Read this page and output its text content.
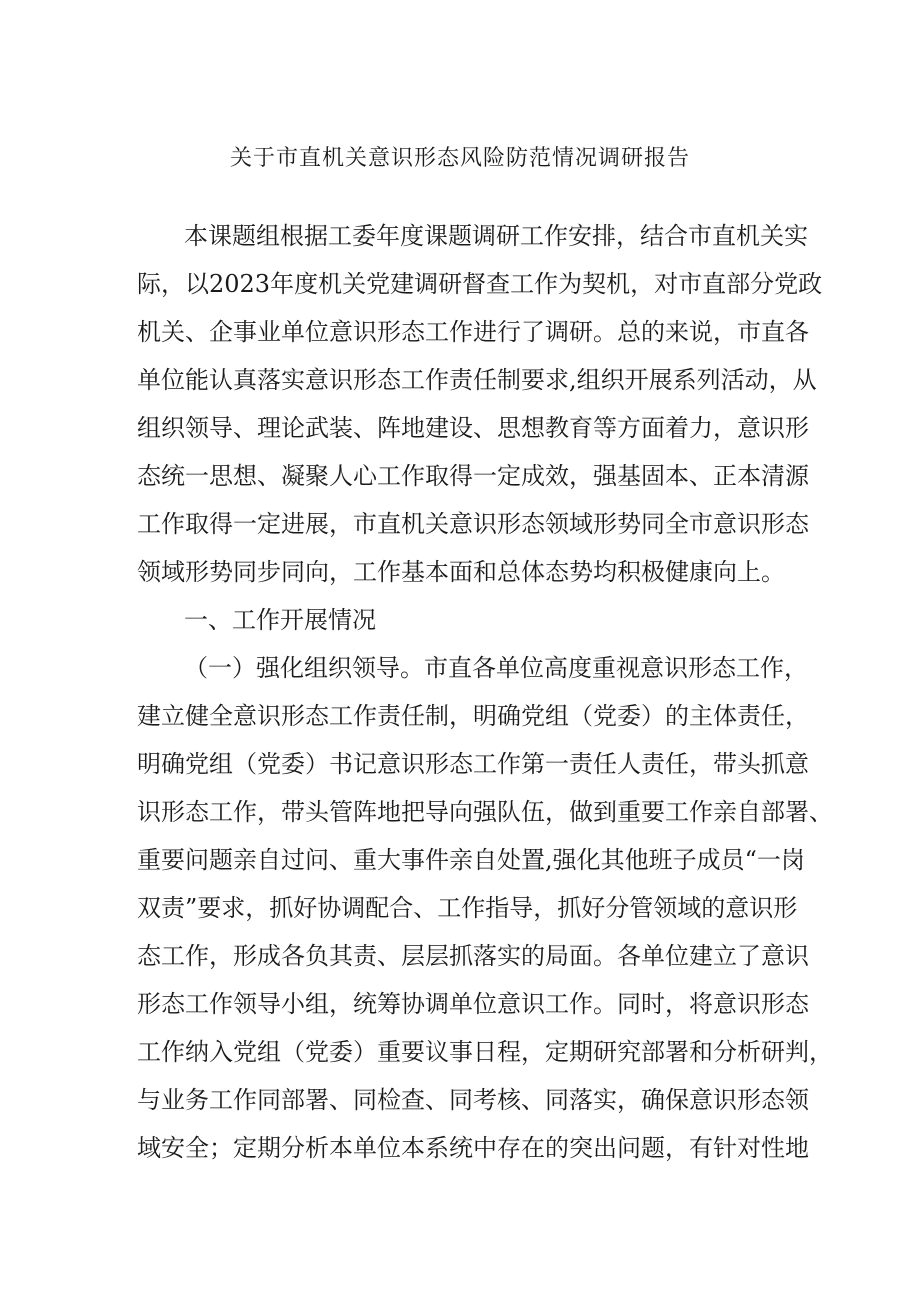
关于市直机关意识形态风险防范情况调研报告
本课题组根据工委年度课题调研工作安排，结合市直机关实
际，以2023年度机关党建调研督查工作为契机，对市直部分党政
机关、企事业单位意识形态工作进行了调研。总的来说，市直各
单位能认真落实意识形态工作责任制要求,组织开展系列活动，从
组织领导、理论武装、阵地建设、思想教育等方面着力，意识形
态统一思想、凝聚人心工作取得一定成效，强基固本、正本清源
工作取得一定进展，市直机关意识形态领域形势同全市意识形态
领域形势同步同向，工作基本面和总体态势均积极健康向上。
一、工作开展情况
（一）强化组织领导。市直各单位高度重视意识形态工作，
建立健全意识形态工作责任制，明确党组（党委）的主体责任，
明确党组（党委）书记意识形态工作第一责任人责任，带头抓意
识形态工作，带头管阵地把导向强队伍，做到重要工作亲自部署、
重要问题亲自过问、重大事件亲自处置,强化其他班子成员“一岗
双责”要求，抓好协调配合、工作指导，抓好分管领域的意识形
态工作，形成各负其责、层层抓落实的局面。各单位建立了意识
形态工作领导小组，统筹协调单位意识工作。同时，将意识形态
工作纳入党组（党委）重要议事日程，定期研究部署和分析研判，
与业务工作同部署、同检查、同考核、同落实，确保意识形态领
域安全；定期分析本单位本系统中存在的突出问题，有针对性地
